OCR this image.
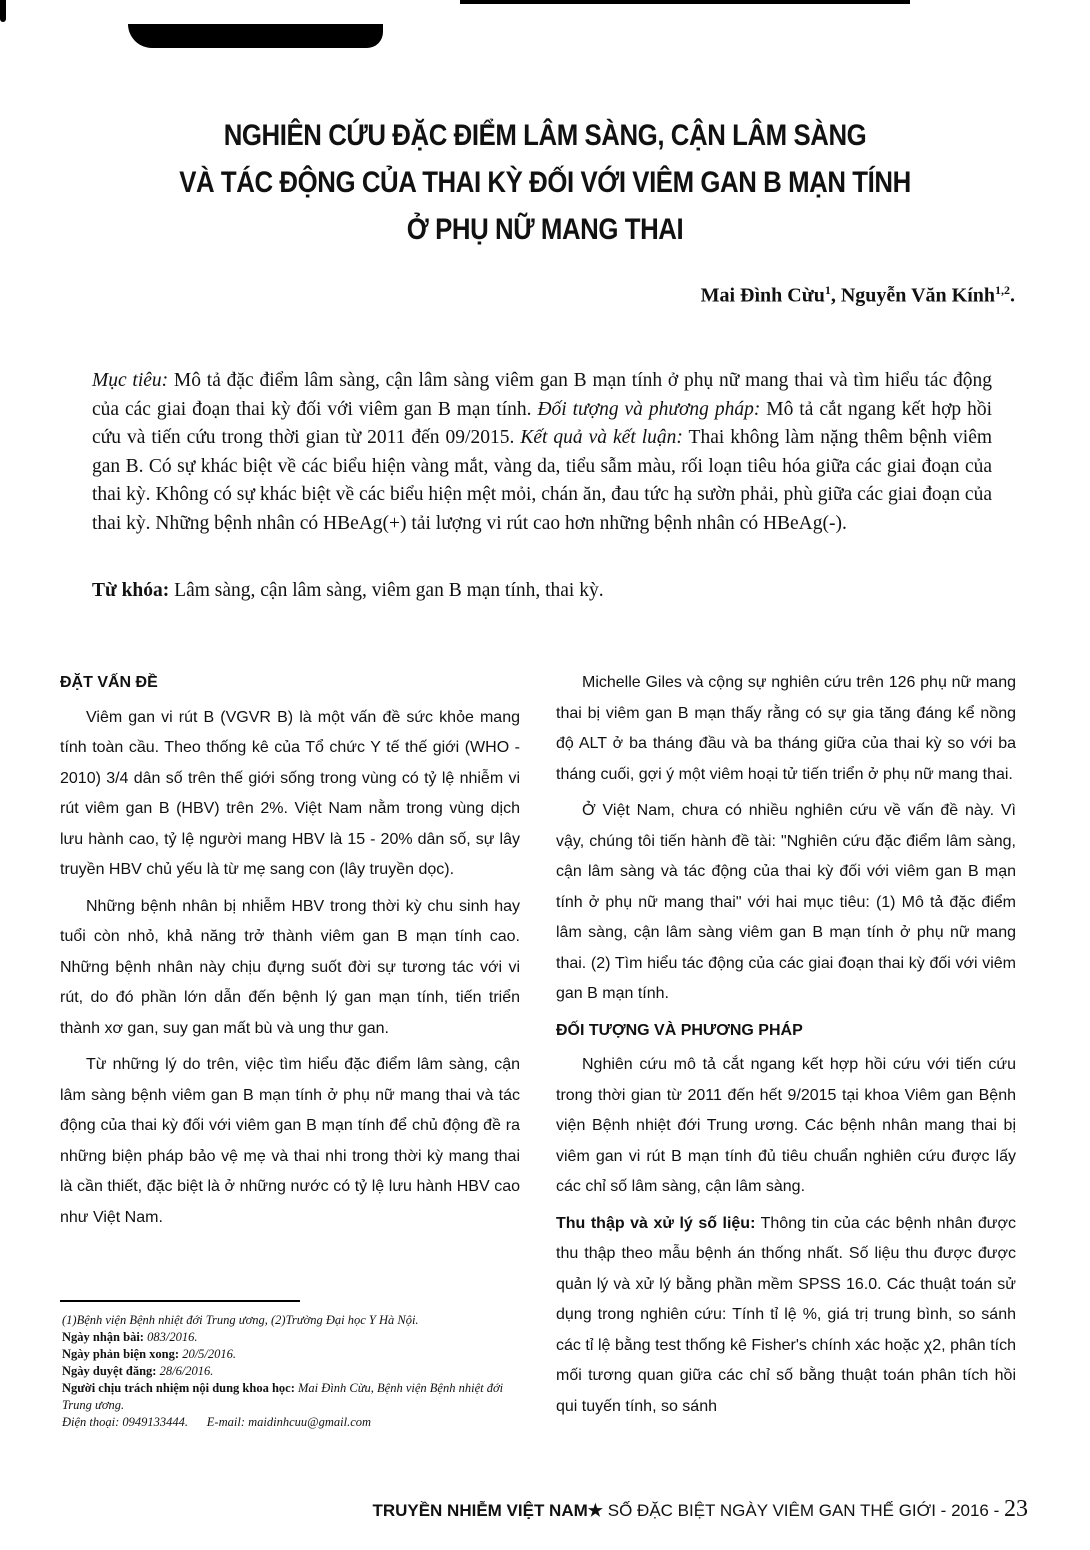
NGHIÊN CỨU ĐẶC ĐIỂM LÂM SÀNG, CẬN LÂM SÀNG
VÀ TÁC ĐỘNG CỦA THAI KỲ ĐỐI VỚI VIÊM GAN B MẠN TÍNH
Ở PHỤ NỮ MANG THAI
Mai Đình Cừu$^1$, Nguyễn Văn Kính$^{1,2}$.
Mục tiêu: Mô tả đặc điểm lâm sàng, cận lâm sàng viêm gan B mạn tính ở phụ nữ mang thai và tìm hiểu tác động của các giai đoạn thai kỳ đối với viêm gan B mạn tính. Đối tượng và phương pháp: Mô tả cắt ngang kết hợp hồi cứu và tiến cứu trong thời gian từ 2011 đến 09/2015. Kết quả và kết luận: Thai không làm nặng thêm bệnh viêm gan B. Có sự khác biệt về các biểu hiện vàng mắt, vàng da, tiểu sẫm màu, rối loạn tiêu hóa giữa các giai đoạn của thai kỳ. Không có sự khác biệt về các biểu hiện mệt mỏi, chán ăn, đau tức hạ sườn phải, phù giữa các giai đoạn của thai kỳ. Những bệnh nhân có HBeAg(+) tải lượng vi rút cao hơn những bệnh nhân có HBeAg(-).
Từ khóa: Lâm sàng, cận lâm sàng, viêm gan B mạn tính, thai kỳ.
ĐẶT VẤN ĐỀ

Viêm gan vi rút B (VGVR B) là một vấn đề sức khỏe mang tính toàn cầu. Theo thống kê của Tổ chức Y tế thế giới (WHO - 2010) 3/4 dân số trên thế giới sống trong vùng có tỷ lệ nhiễm vi rút viêm gan B (HBV) trên 2%. Việt Nam nằm trong vùng dịch lưu hành cao, tỷ lệ người mang HBV là 15 - 20% dân số, sự lây truyền HBV chủ yếu là từ mẹ sang con (lây truyền dọc).

Những bệnh nhân bị nhiễm HBV trong thời kỳ chu sinh hay tuổi còn nhỏ, khả năng trở thành viêm gan B mạn tính cao. Những bệnh nhân này chịu đựng suốt đời sự tương tác với vi rút, do đó phần lớn dẫn đến bệnh lý gan mạn tính, tiến triển thành xơ gan, suy gan mất bù và ung thư gan.

Từ những lý do trên, việc tìm hiểu đặc điểm lâm sàng, cận lâm sàng bệnh viêm gan B mạn tính ở phụ nữ mang thai và tác động của thai kỳ đối với viêm gan B mạn tính để chủ động đề ra những biện pháp bảo vệ mẹ và thai nhi trong thời kỳ mang thai là cần thiết, đặc biệt là ở những nước có tỷ lệ lưu hành HBV cao như Việt Nam.

Michelle Giles và cộng sự nghiên cứu trên 126 phụ nữ mang thai bị viêm gan B mạn thấy rằng có sự gia tăng đáng kể nồng độ ALT ở ba tháng đầu và ba tháng giữa của thai kỳ so với ba tháng cuối, gợi ý một viêm hoại tử tiến triển ở phụ nữ mang thai.

Ở Việt Nam, chưa có nhiều nghiên cứu về vấn đề này. Vì vậy, chúng tôi tiến hành đề tài: "Nghiên cứu đặc điểm lâm sàng, cận lâm sàng và tác động của thai kỳ đối với viêm gan B mạn tính ở phụ nữ mang thai" với hai mục tiêu: (1) Mô tả đặc điểm lâm sàng, cận lâm sàng viêm gan B mạn tính ở phụ nữ mang thai. (2) Tìm hiểu tác động của các giai đoạn thai kỳ đối với viêm gan B mạn tính.

ĐỐI TƯỢNG VÀ PHƯƠNG PHÁP

Nghiên cứu mô tả cắt ngang kết hợp hồi cứu với tiến cứu trong thời gian từ 2011 đến hết 9/2015 tại khoa Viêm gan Bệnh viện Bệnh nhiệt đới Trung ương. Các bệnh nhân mang thai bị viêm gan vi rút B mạn tính đủ tiêu chuẩn nghiên cứu được lấy các chỉ số lâm sàng, cận lâm sàng.

Thu thập và xử lý số liệu: Thông tin của các bệnh nhân được thu thập theo mẫu bệnh án thống nhất. Số liệu thu được được quản lý và xử lý bằng phần mềm SPSS 16.0. Các thuật toán sử dụng trong nghiên cứu: Tính tỉ lệ %, giá trị trung bình, so sánh các tỉ lệ bằng test thống kê Fisher's chính xác hoặc χ2, phân tích mối tương quan giữa các chỉ số bằng thuật toán phân tích hồi qui tuyến tính, so sánh

(1)Bệnh viện Bệnh nhiệt đới Trung ương, (2)Trường Đại học Y Hà Nội.
Ngày nhận bài: 083/2016.
Ngày phản biện xong: 20/5/2016.
Ngày duyệt đăng: 28/6/2016.
Người chịu trách nhiệm nội dung khoa học: Mai Đình Cừu, Bệnh viện Bệnh nhiệt đới Trung ương.
Điện thoại: 0949133444. E-mail: maidinhcuu@gmail.com
TRUYỀN NHIỄM VIỆT NAM★ SỐ ĐẶC BIỆT NGÀY VIÊM GAN THẾ GIỚI - 2016 - 23
